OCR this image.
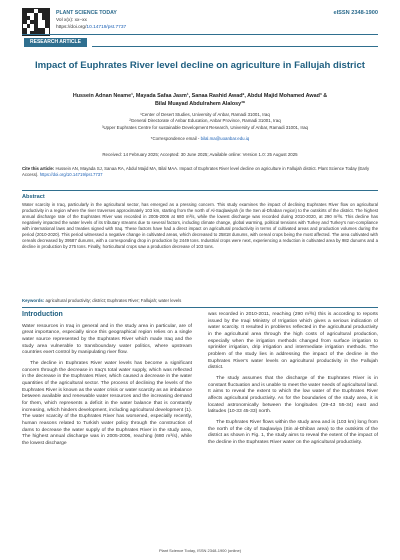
PLANT SCIENCE TODAY
Vol x(x): xx–xx
https://doi.org/10.14719/pst.7737
eISSN 2348-1900
RESEARCH ARTICLE
Impact of Euphrates River level decline on agriculture in Fallujah district
Hussein Adnan Neame¹, Mayada Safaa Jasm¹, Sanaa Rashid Awad², Abdul Majid Mohamed Awad³ &
Bilal Muayad Abdulrahem Alalosy³*
¹Center of Desert Studies, University of Anbar, Ramadi 31001, Iraq
²General Directorate of Anbar Education, Anbar Province, Ramadi 31001, Iraq
³Upper Euphrates Centre for sustainable Development Research, University of Anbar, Ramadi 31001, Iraq
*Correspondence email - bilal.ma@uoanbar.edu.iq
Received: 14 February 2025; Accepted: 30 June 2025; Available online: Version 1.0: 25 August 2025
Cite this article: Hussein AN, Mayada SJ, Sanaa RA, Abdul Majid MA, Bilal MAA. Impact of Euphrates River level decline on agriculture in Fallujah district. Plant Science Today (Early Access). https://doi.org/10.14719/pst.7737
Abstract
Water scarcity in Iraq, particularly in the agricultural sector, has emerged as a pressing concern. This study examines the impact of declining Euphrates River flow on agricultural productivity in a region where the river traverses approximately 103 km, starting from the north of Al-Saqlawiyah (in the Sen al-Dhaban region) to the outskirts of the district. The highest annual discharge rate of the Euphrates River was recorded in 2005-2006 at 680 m³/s, while the lowest discharge was recorded during 2010-2020, at 290 m³/s. This decline has negatively impacted the water levels of its tributary streams due to several factors, including climate change, global warming, political tensions with Turkey and Turkey's non-compliance with international laws and treaties signed with Iraq. These factors have had a direct impact on agricultural productivity in terms of cultivated areas and production volumes during the period (2010-2020). This period witnessed a negative change in cultivated areas, which decreased to 25818 dunums, with cereal crops being the most affected. The area cultivated with cereals decreased by 39587 dunums, with a corresponding drop in production by 2449 tons. Industrial crops were next, experiencing a reduction in cultivated area by 982 dunums and a decline in production by 275 tons. Finally, horticultural crops saw a production decrease of 103 tons.
Keywords: agricultural productivity; district; Euphrates River; Fallujah; water levels
Introduction

Water resources in Iraq in general and in the study area in particular, are of great importance, especially since this geographical region relies on a single water source represented by the Euphrates River which made Iraq and the study area vulnerable to transboundary water politics, where upstream countries exert control by manipulating river flow.

The decline in Euphrates River water levels has become a significant concern through the decrease in Iraq's total water supply, which was reflected in the decrease in the Euphrates River, which caused a decrease in the water quantities of the agricultural sector. The process of declining the levels of the Euphrates River is known as the water crisis or water scarcity as an imbalance between available and renewable water resources and the increasing demand for them, which represents a deficit in the water balance that is constantly increasing, which hinders development, including agricultural development (1). The water scarcity of the Euphrates River has worsened, especially recently, human reasons related to Turkish water policy through the construction of dams to decrease the water supply of the Euphrates River in the study area, The highest annual discharge was in 2005-2006, reaching (680 m³/s), while the lowest discharge

was recorded in 2010-2011, reaching (290 m³/s) this is according to reports issued by the Iraqi Ministry of Irrigation which gives a serious indication of water scarcity. It resulted in problems reflected in the agricultural productivity in the agricultural area through the high costs of agricultural production, especially when the irrigation methods changed from surface irrigation to sprinkler irrigation, drip irrigation and intermediate irrigation methods. The problem of the study lies in addressing the impact of the decline in the Euphrates River's water levels on agricultural productivity in the Fallujah district.

The study assumes that the discharge of the Euphrates River is in constant fluctuation and is unable to meet the water needs of agricultural land. It aims to reveal the extent to which the low water of the Euphrates River affects agricultural productivity. As for the boundaries of the study area, it is located astronomically between the longitudes (29-43 55-34) east and latitudes (10-33 45-33) north.

The Euphrates River flows within the study area and is (103 km) long from the north of the city of Saqlawiya (Sin al-Dhiban area) to the outskirts of the district as shown in Fig. 1, the study aims to reveal the extent of the impact of the decline in the Euphrates River water on the agricultural productivity.

Plant Science Today, ISSN 2348-1900 (online)
